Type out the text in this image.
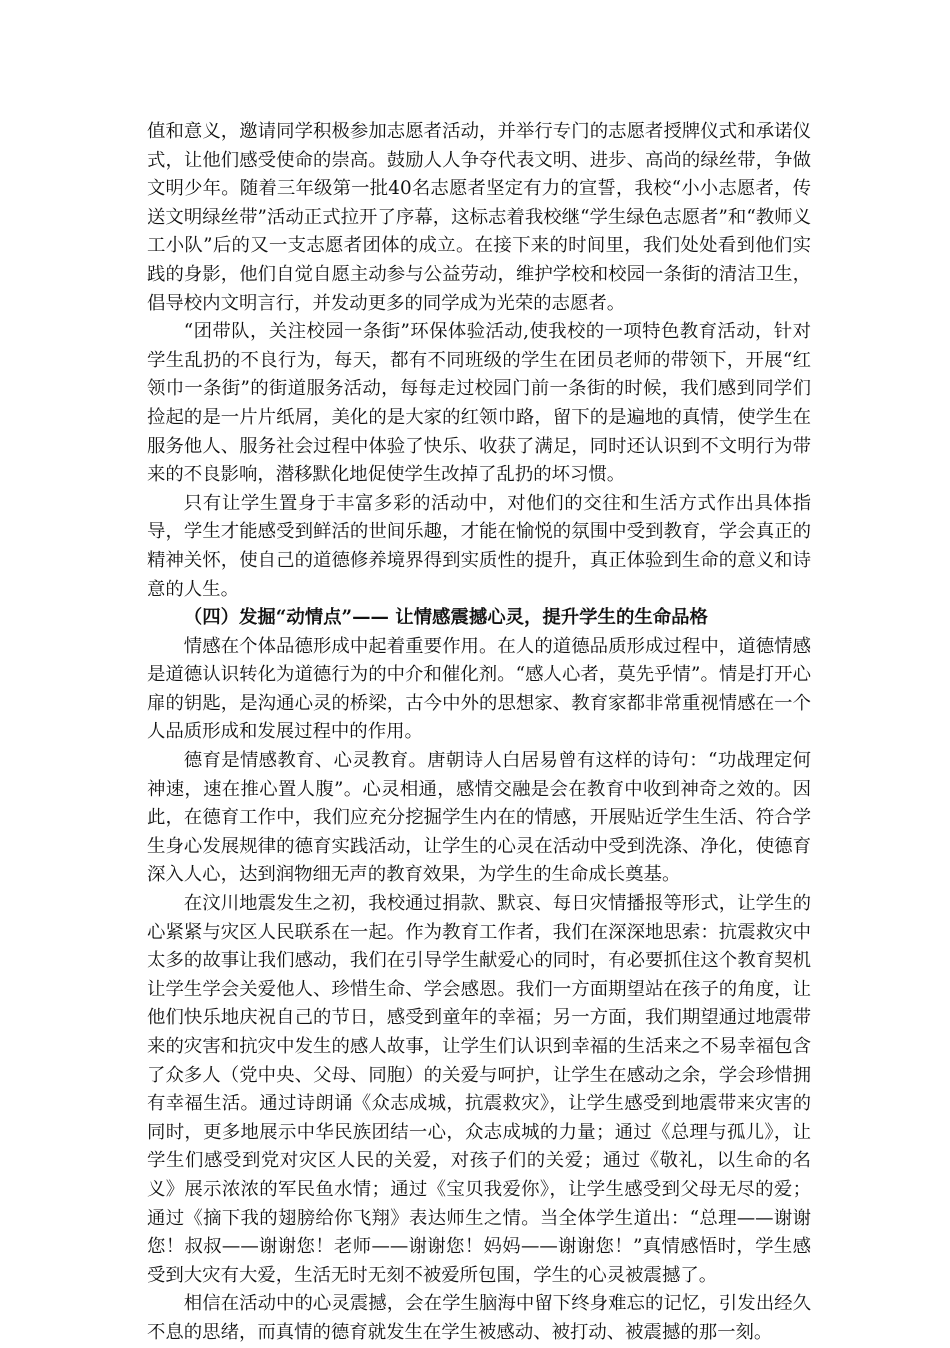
值和意义，邀请同学积极参加志愿者活动，并举行专门的志愿者授牌仪式和承诺仪式，让他们感受使命的崇高。鼓励人人争夺代表文明、进步、高尚的绿丝带，争做文明少年。随着三年级第一批40名志愿者坚定有力的宣誓，我校“小小志愿者，传送文明绿丝带”活动正式拉开了序幕，这标志着我校继“学生绿色志愿者”和“教师义工小队”后的又一支志愿者团体的成立。在接下来的时间里，我们处处看到他们实践的身影，他们自觉自愿主动参与公益劳动，维护学校和校园一条街的清洁卫生，倡导校内文明言行，并发动更多的同学成为光荣的志愿者。

“团带队，关注校园一条街”环保体验活动,使我校的一项特色教育活动，针对学生乱扔的不良行为，每天，都有不同班级的学生在团员老师的带领下，开展“红领巾一条街”的街道服务活动，每每走过校园门前一条街的时候，我们感到同学们捡起的是一片片纸屑，美化的是大家的红领巾路，留下的是遍地的真情，使学生在服务他人、服务社会过程中体验了快乐、收获了满足，同时还认识到不文明行为带来的不良影响，潜移默化地促使学生改掉了乱扔的坏习惯。

只有让学生置身于丰富多彩的活动中，对他们的交往和生活方式作出具体指导，学生才能感受到鲜活的世间乐趣，才能在愉悦的氛围中受到教育，学会真正的精神关怀，使自己的道德修养境界得到实质性的提升，真正体验到生命的意义和诗意的人生。

（四）发掘“动情点”—— 让情感震撼心灵，提升学生的生命品格

情感在个体品德形成中起着重要作用。在人的道德品质形成过程中，道德情感是道德认识转化为道德行为的中介和催化剂。“感人心者，莫先乎情”。情是打开心扉的钥匙，是沟通心灵的桥梁，古今中外的思想家、教育家都非常重视情感在一个人品质形成和发展过程中的作用。

德育是情感教育、心灵教育。唐朝诗人白居易曾有这样的诗句：“功战理定何神速，速在推心置人腹”。心灵相通，感情交融是会在教育中收到神奇之效的。因此，在德育工作中，我们应充分挖掘学生内在的情感，开展贴近学生生活、符合学生身心发展规律的德育实践活动，让学生的心灵在活动中受到洗涤、净化，使德育深入人心，达到润物细无声的教育效果，为学生的生命成长奠基。

在汶川地震发生之初，我校通过捐款、默哀、每日灾情播报等形式，让学生的心紧紧与灾区人民联系在一起。作为教育工作者，我们在深深地思索：抗震救灾中太多的故事让我们感动，我们在引导学生献爱心的同时，有必要抓住这个教育契机让学生学会关爱他人、珍惜生命、学会感恩。我们一方面期望站在孩子的角度，让他们快乐地庆祝自己的节日，感受到童年的幸福；另一方面，我们期望通过地震带来的灾害和抗灾中发生的感人故事，让学生们认识到幸福的生活来之不易幸福包含了众多人（党中央、父母、同胞）的关爱与呵护，让学生在感动之余，学会珍惜拥有幸福生活。通过诗朗诵《众志成城，抗震救灾》，让学生感受到地震带来灾害的同时，更多地展示中华民族团结一心，众志成城的力量；通过《总理与孤儿》，让学生们感受到党对灾区人民的关爱，对孩子们的关爱；通过《敬礼，以生命的名义》展示浓浓的军民鱼水情；通过《宝贝我爱你》，让学生感受到父母无尽的爱；通过《摘下我的翅膀给你飞翔》表达师生之情。当全体学生道出：“总理——谢谢您！叔叔——谢谢您！老师——谢谢您！妈妈——谢谢您！”真情感悟时，学生感受到大灾有大爱，生活无时无刻不被爱所包围，学生的心灵被震撼了。

相信在活动中的心灵震撼，会在学生脑海中留下终身难忘的记忆，引发出经久不息的思绪，而真情的德育就发生在学生被感动、被打动、被震撼的那一刻。
